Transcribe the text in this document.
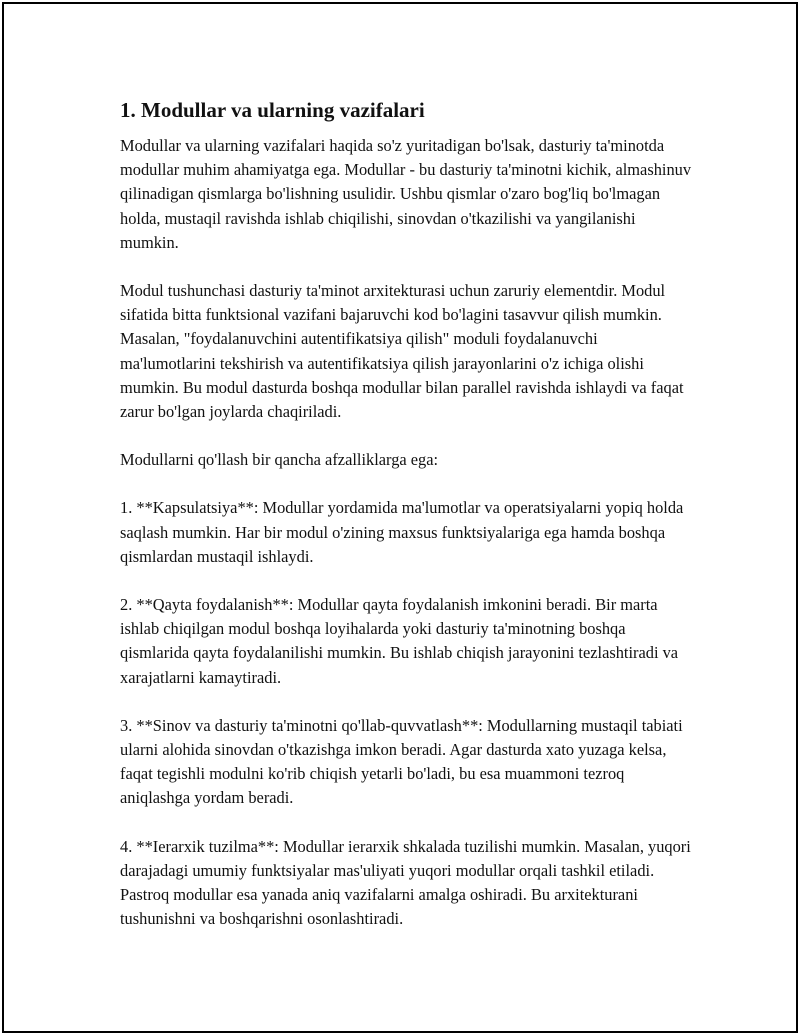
1. Modullar va ularning vazifalari

Modullar va ularning vazifalari haqida so'z yuritadigan bo'lsak, dasturiy ta'minotda modullar muhim ahamiyatga ega. Modullar - bu dasturiy ta'minotni kichik, almashinuv qilinadigan qismlarga bo'lishning usulidir. Ushbu qismlar o'zaro bog'liq bo'lmagan holda, mustaqil ravishda ishlab chiqilishi, sinovdan o'tkazilishi va yangilanishi mumkin.

Modul tushunchasi dasturiy ta'minot arxitekturasi uchun zaruriy elementdir. Modul sifatida bitta funktsional vazifani bajaruvchi kod bo'lagini tasavvur qilish mumkin. Masalan, "foydalanuvchini autentifikatsiya qilish" moduli foydalanuvchi ma'lumotlarini tekshirish va autentifikatsiya qilish jarayonlarini o'z ichiga olishi mumkin. Bu modul dasturda boshqa modullar bilan parallel ravishda ishlaydi va faqat zarur bo'lgan joylarda chaqiriladi.

Modullarni qo'llash bir qancha afzalliklarga ega:

1. **Kapsulatsiya**: Modullar yordamida ma'lumotlar va operatsiyalarni yopiq holda saqlash mumkin. Har bir modul o'zining maxsus funktsiyalariga ega hamda boshqa qismlardan mustaqil ishlaydi.

2. **Qayta foydalanish**: Modullar qayta foydalanish imkonini beradi. Bir marta ishlab chiqilgan modul boshqa loyihalarda yoki dasturiy ta'minotning boshqa qismlarida qayta foydalanilishi mumkin. Bu ishlab chiqish jarayonini tezlashtiradi va xarajatlarni kamaytiradi.

3. **Sinov va dasturiy ta'minotni qo'llab-quvvatlash**: Modullarning mustaqil tabiati ularni alohida sinovdan o'tkazishga imkon beradi. Agar dasturda xato yuzaga kelsa, faqat tegishli modulni ko'rib chiqish yetarli bo'ladi, bu esa muammoni tezroq aniqlashga yordam beradi.

4. **Ierarxik tuzilma**: Modullar ierarxik shkalada tuzilishi mumkin. Masalan, yuqori darajadagi umumiy funktsiyalar mas'uliyati yuqori modullar orqali tashkil etiladi. Pastroq modullar esa yanada aniq vazifalarni amalga oshiradi. Bu arxitekturani tushunishni va boshqarishni osonlashtiradi.
